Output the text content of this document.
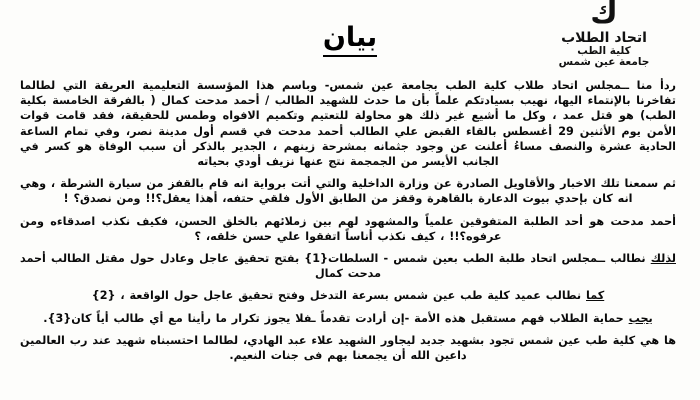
ك
اتحاد الطلاب
كلية الطب
جامعة عين شمس
بيان

ردأ منا ــمجلس اتحاد طلاب كلية الطب بجامعة عين شمس- وباسم هذا المؤسسة التعليمية العريقة التي لطالما تفاخرنا بالإنتماء اليها، نهيب بسيادتكم علماً بأن ما حدث للشهيد الطالب / أحمد مدحت كمال ( بالفرقة الخامسة بكلية الطب) هو قتل عمد ، وكل ما أشيع غير ذلك هو محاولة للتعتيم وتكميم الافواه وطمس للحقيقة، فقد قامت قوات الأمن يوم الأثنين 29 أغسطس بالقاء القبض علي الطالب أحمد مدحت في قسم أول مدينة نصر، وفي تمام الساعة الحادية عشرة والنصف مساءُ أعلنت عن وجود جثمانه بمشرحة زينهم ، الجدير بالذكر أن سبب الوفاة هو كسر في الجانب الأيسر من الجمجمة نتج عنها نزيف أودي بحياته

ثم سمعنا تلك الاخبار والأقاويل الصادرة عن وزارة الداخلية والتي أتت برواية انه قام بالقفز من سيارة الشرطة ، وهي انه كان بإحدي بيوت الدعارة بالقاهرة وقفز من الطابق الأول فلقي حتفه، أهذا يعقل؟!! ومن نصدق؟ !

أحمد مدحت هو أحد الطلبة المتفوقين علمياً والمشهود لهم بين زملائهم بالخلق الحسن، فكيف نكذب اصدقاءه ومن عرفوه؟!! ، كيف نكذب أناساً اتفقوا علي حسن خلقه، ؟

لذلك نطالب ــمجلس اتحاد طلبة الطب بعين شمس - السلطات{1} بفتح تحقيق عاجل وعادل حول مقتل الطالب أحمد مدحت كمال

كما نطالب عميد كلية طب عين شمس بسرعة التدخل وفتح تحقيق عاجل حول الواقعة ، {2}

يجب حماية الطلاب فهم مستقبل هذه الأمة -إن أرادت تقدماً ـفلا يجوز تكرار ما رأينا مع أي طالب أياً كان{3}.

ها هي كلية طب عين شمس تجود بشهيد جديد ليجاور الشهيد علاء عبد الهادي، لطالما احتسبناه شهيد عند رب العالمين داعين الله أن يجمعنا بهم فى جنات النعيم.
